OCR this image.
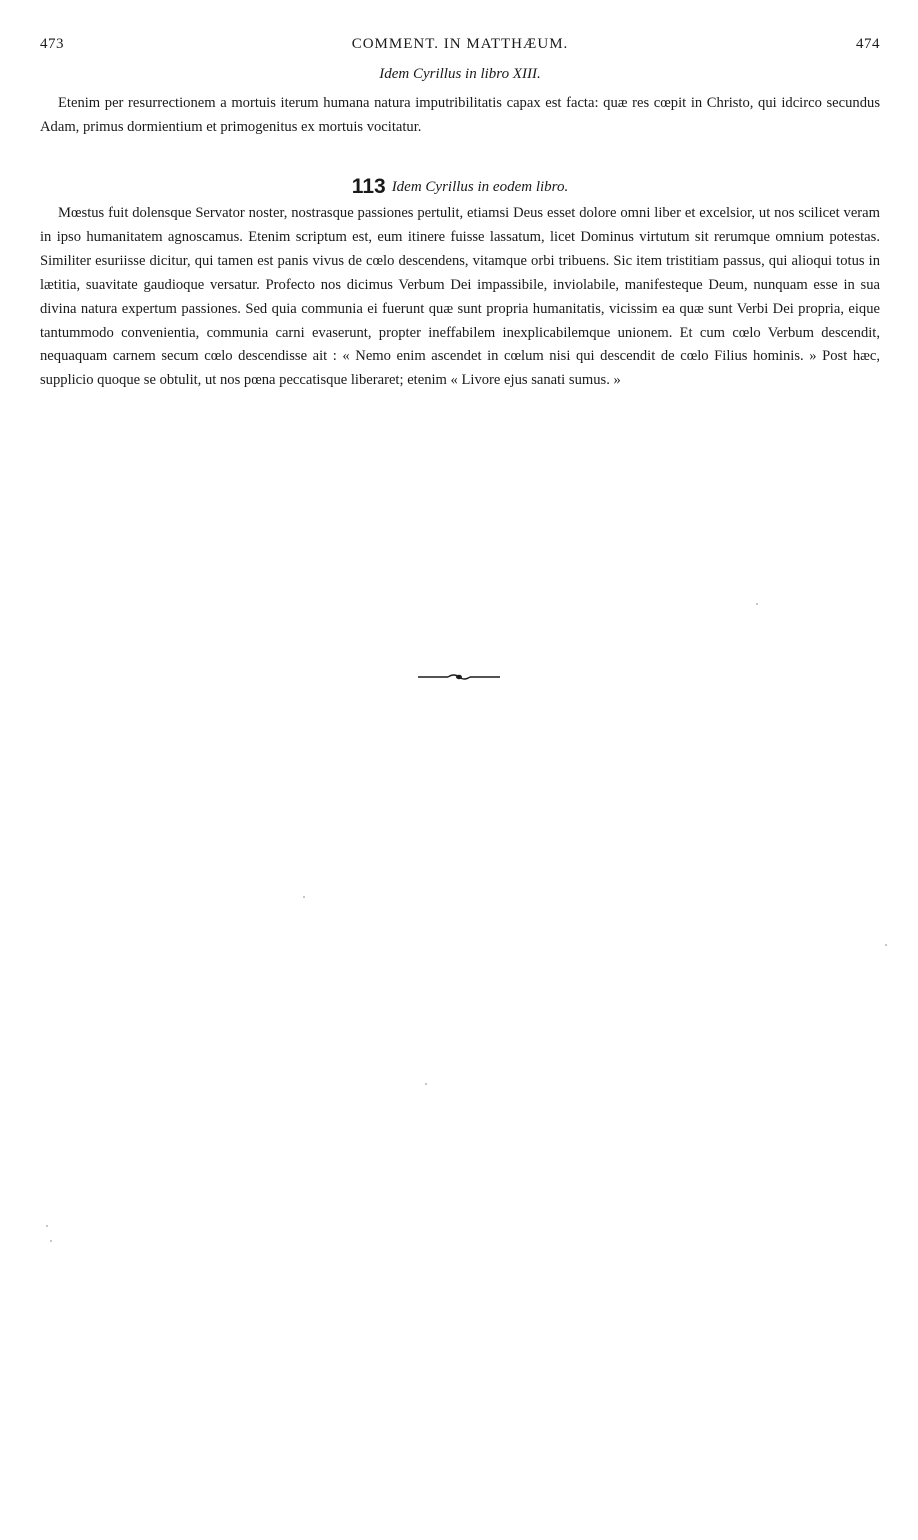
473	COMMENT. IN MATTHÆUM.	474
Idem Cyrillus in libro XIII.

Etenim per resurrectionem a mortuis iterum humana natura imputribilitatis capax est facta: quæ res cœpit in Christo, qui idcirco secundus Adam, primus dormientium et primogenitus ex mortuis vocitatur.

113 Idem Cyrillus in eodem libro.

Mœstus fuit dolensque Servator noster, nostrasque passiones pertulit, etiamsi Deus esset dolore omni liber et excelsior, ut nos scilicet veram in ipso humanitatem agnoscamus. Etenim scriptum est, eum itinere fuisse lassatum, licet Dominus virtutum sit rerumque omnium potestas. Similiter esuriisse dicitur, qui tamen est panis vivus de cœlo descendens, vitamque orbi tribuens. Sic item tristitiam passus, qui alioqui totus in lætitia, suavitate gaudioque versatur. Profecto nos dicimus Verbum Dei impassibile, inviolabile, manifesteque Deum, nunquam esse in sua divina natura expertum passiones. Sed quia communia ei fuerunt quæ sunt propria humanitatis, vicissim ea quæ sunt Verbi Dei propria, eique tantummodo convenientia, communia carni evaserunt, propter ineffabilem inexplicabilemque unionem. Et cum cœlo Verbum descendit, nequaquam carnem secum cœlo descendisse ait : « Nemo enim ascendet in cœlum nisi qui descendit de cœlo Filius hominis. » Post hæc, supplicio quoque se obtulit, ut nos pœna peccatisque liberaret; etenim « Livore ejus sanati sumus. »
